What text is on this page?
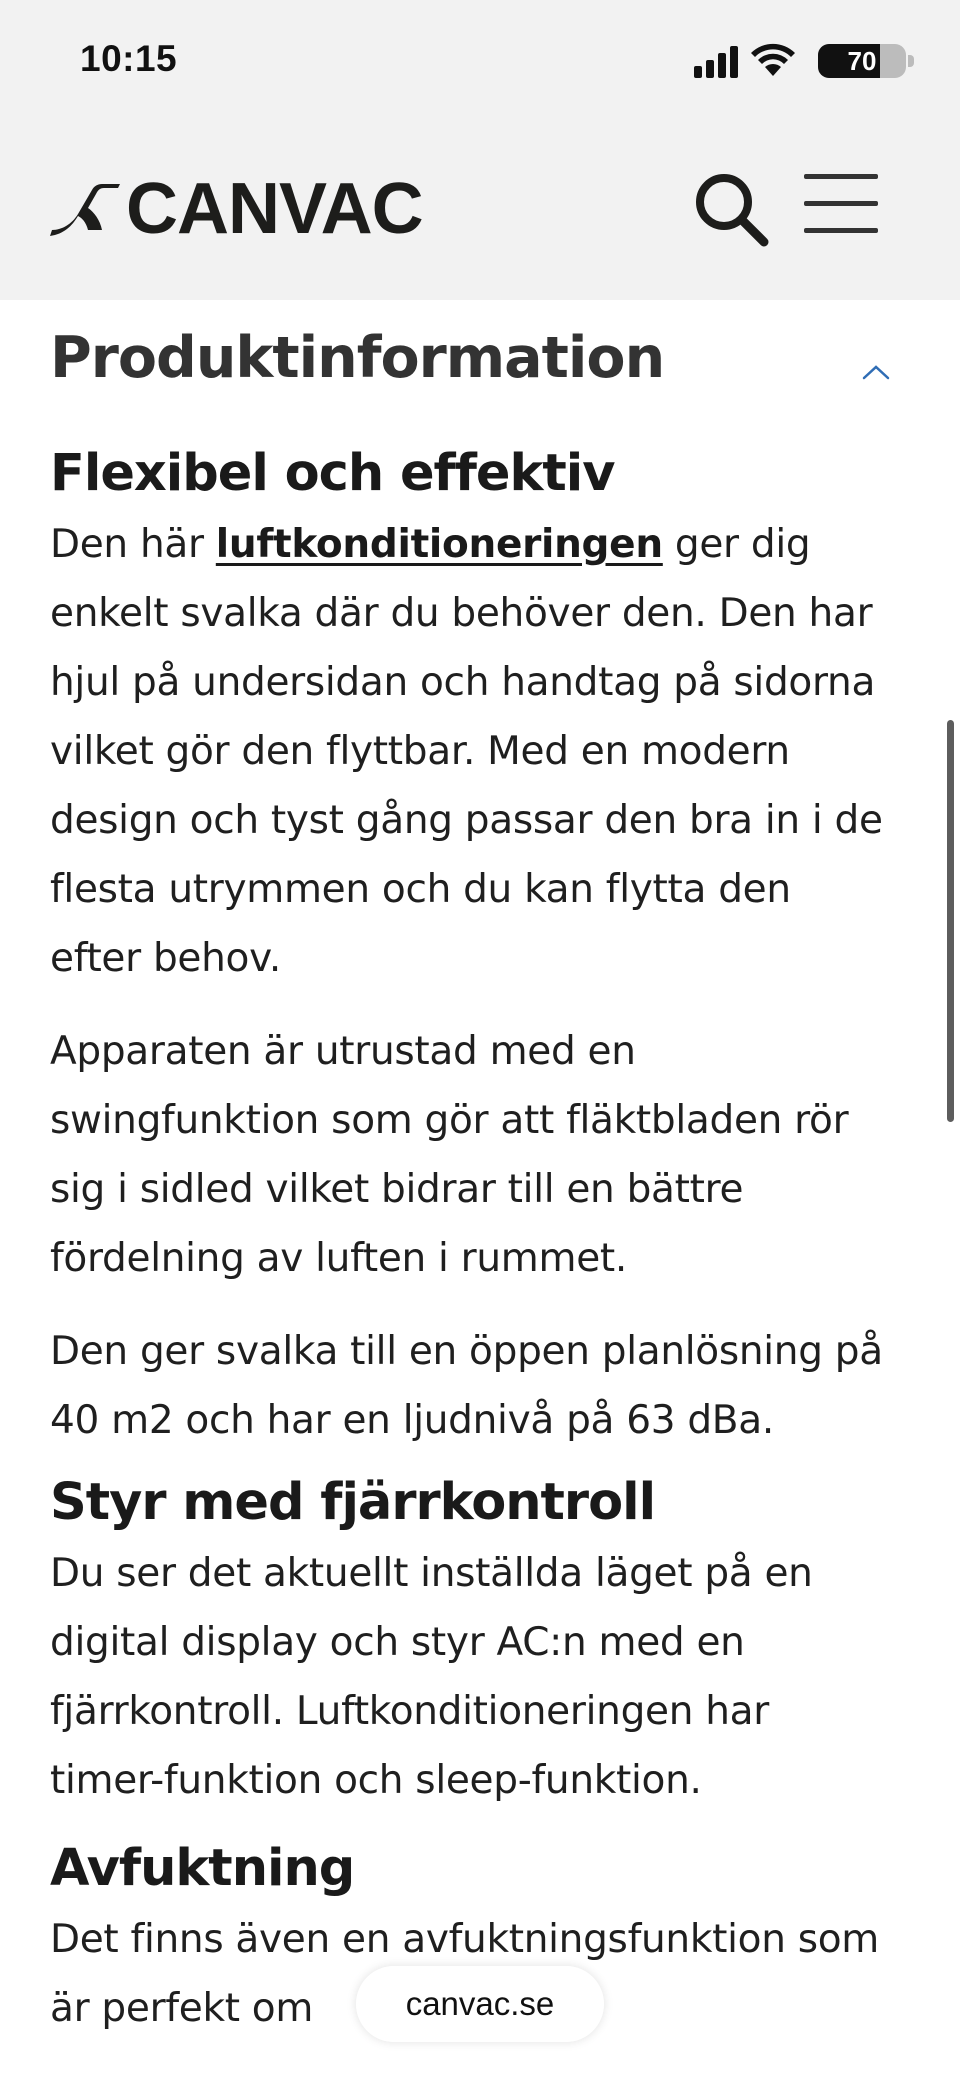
10:15	70
CANVAC
Produktinformation
Flexibel och effektiv

Den här luftkonditioneringen ger dig enkelt svalka där du behöver den. Den har hjul på undersidan och handtag på sidorna vilket gör den flyttbar. Med en modern design och tyst gång passar den bra in i de flesta utrymmen och du kan flytta den efter behov.

Apparaten är utrustad med en swingfunktion som gör att fläktbladen rör sig i sidled vilket bidrar till en bättre fördelning av luften i rummet.

Den ger svalka till en öppen planlösning på 40 m2 och har en ljudnivå på 63 dBa.

Styr med fjärrkontroll

Du ser det aktuellt inställda läget på en digital display och styr AC:n med en fjärrkontroll. Luftkonditioneringen har timer-funktion och sleep-funktion.

Avfuktning

Det finns även en avfuktningsfunktion som är perfekt om	canvac.se
